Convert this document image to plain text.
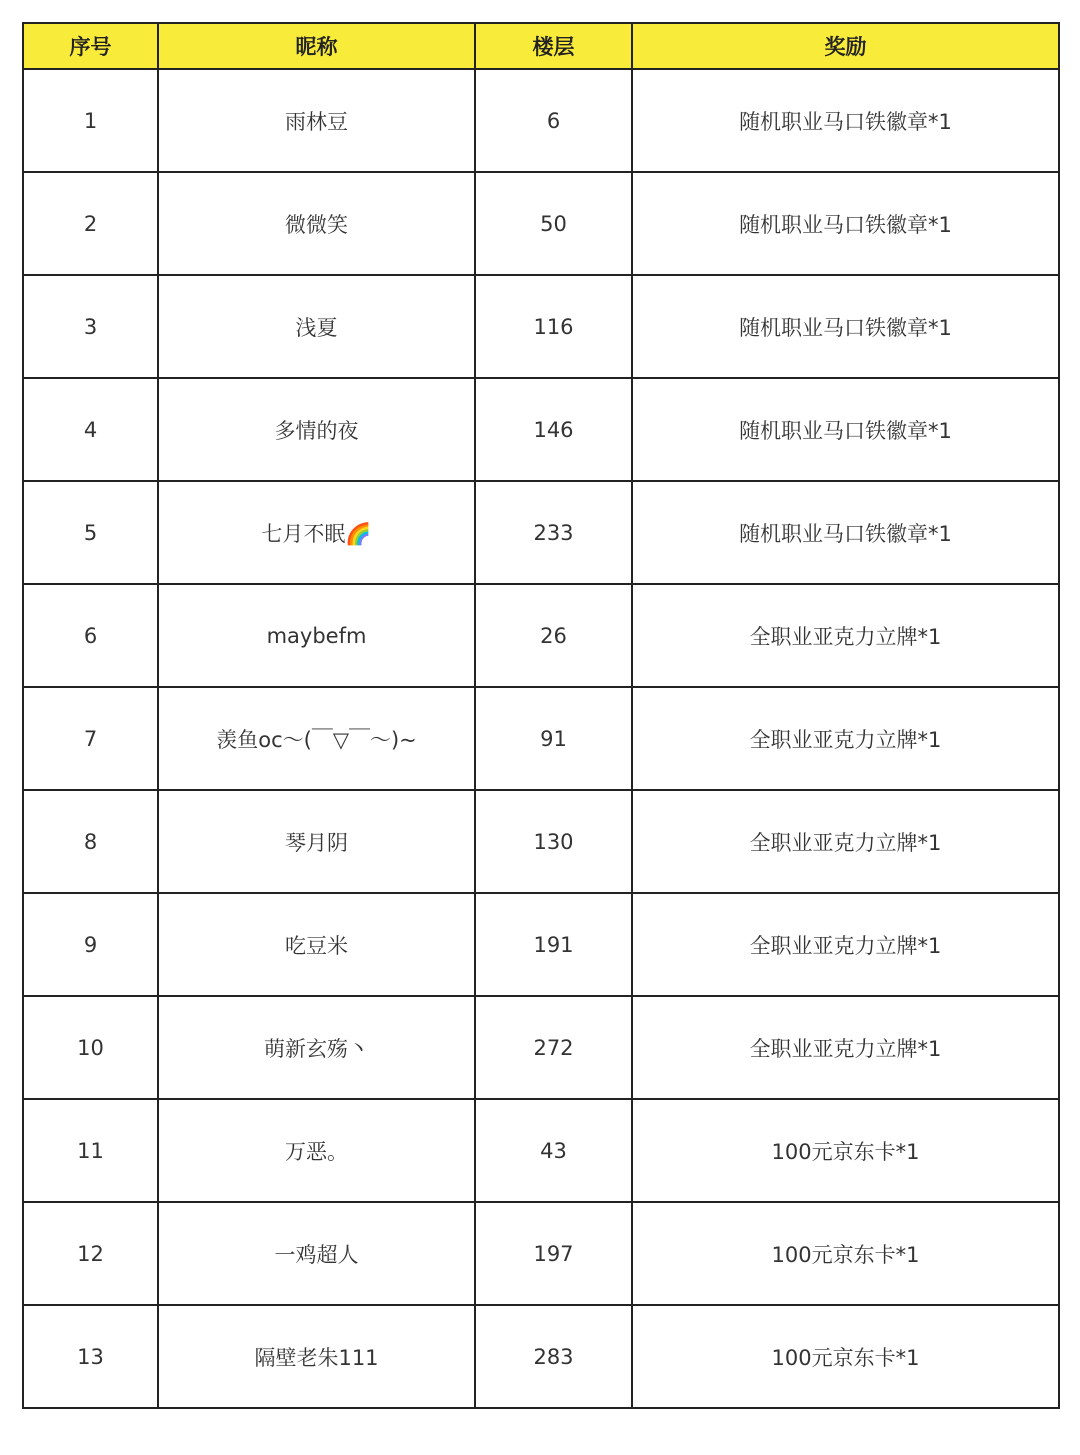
序号	昵称	楼层	奖励
1	雨林豆	6	随机职业马口铁徽章*1
2	微微笑	50	随机职业马口铁徽章*1
3	浅夏	116	随机职业马口铁徽章*1
4	多情的夜	146	随机职业马口铁徽章*1
5	七月不眠🌈	233	随机职业马口铁徽章*1
6	maybefm	26	全职业亚克力立牌*1
7	羡鱼oc～(￣▽￣～)~	91	全职业亚克力立牌*1
8	琴月阴	130	全职业亚克力立牌*1
9	吃豆米	191	全职业亚克力立牌*1
10	萌新玄殇丶	272	全职业亚克力立牌*1
11	万恶。	43	100元京东卡*1
12	一鸡超人	197	100元京东卡*1
13	隔壁老朱111	283	100元京东卡*1
